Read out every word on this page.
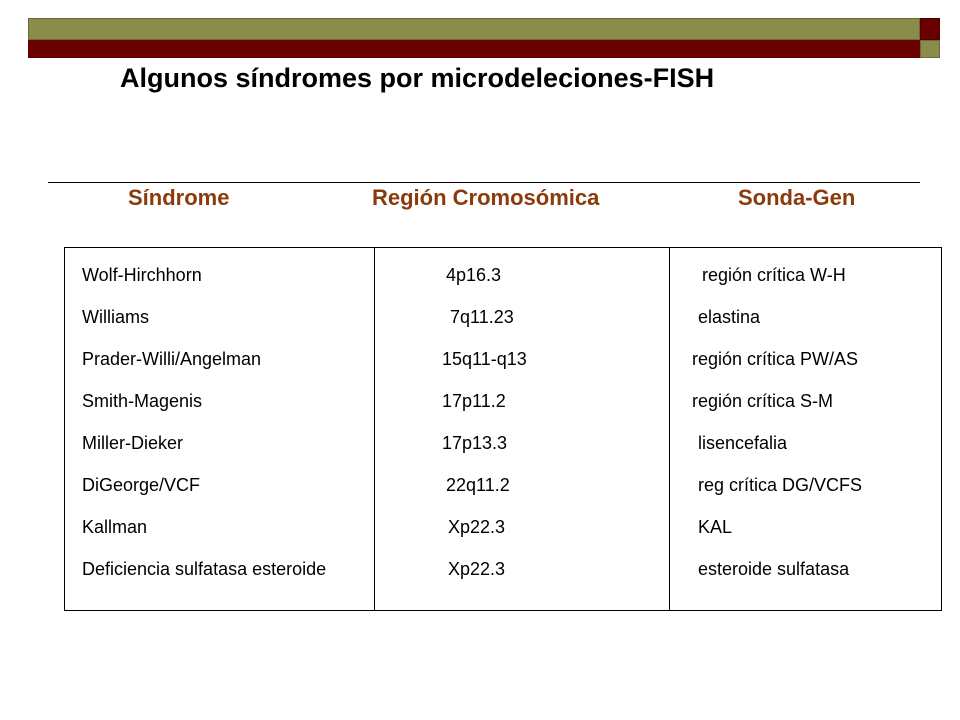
Algunos síndromes por microdeleciones-FISH
Síndrome	Región Cromosómica	Sonda-Gen
Wolf-Hirchhorn	4p16.3	región crítica W-H
Williams	7q11.23	elastina
Prader-Willi/Angelman	15q11-q13	región crítica PW/AS
Smith-Magenis	17p11.2	región crítica S-M
Miller-Dieker	17p13.3	lisencefalia
DiGeorge/VCF	22q11.2	reg crítica DG/VCFS
Kallman	Xp22.3	KAL
Deficiencia sulfatasa esteroide	Xp22.3	esteroide sulfatasa
